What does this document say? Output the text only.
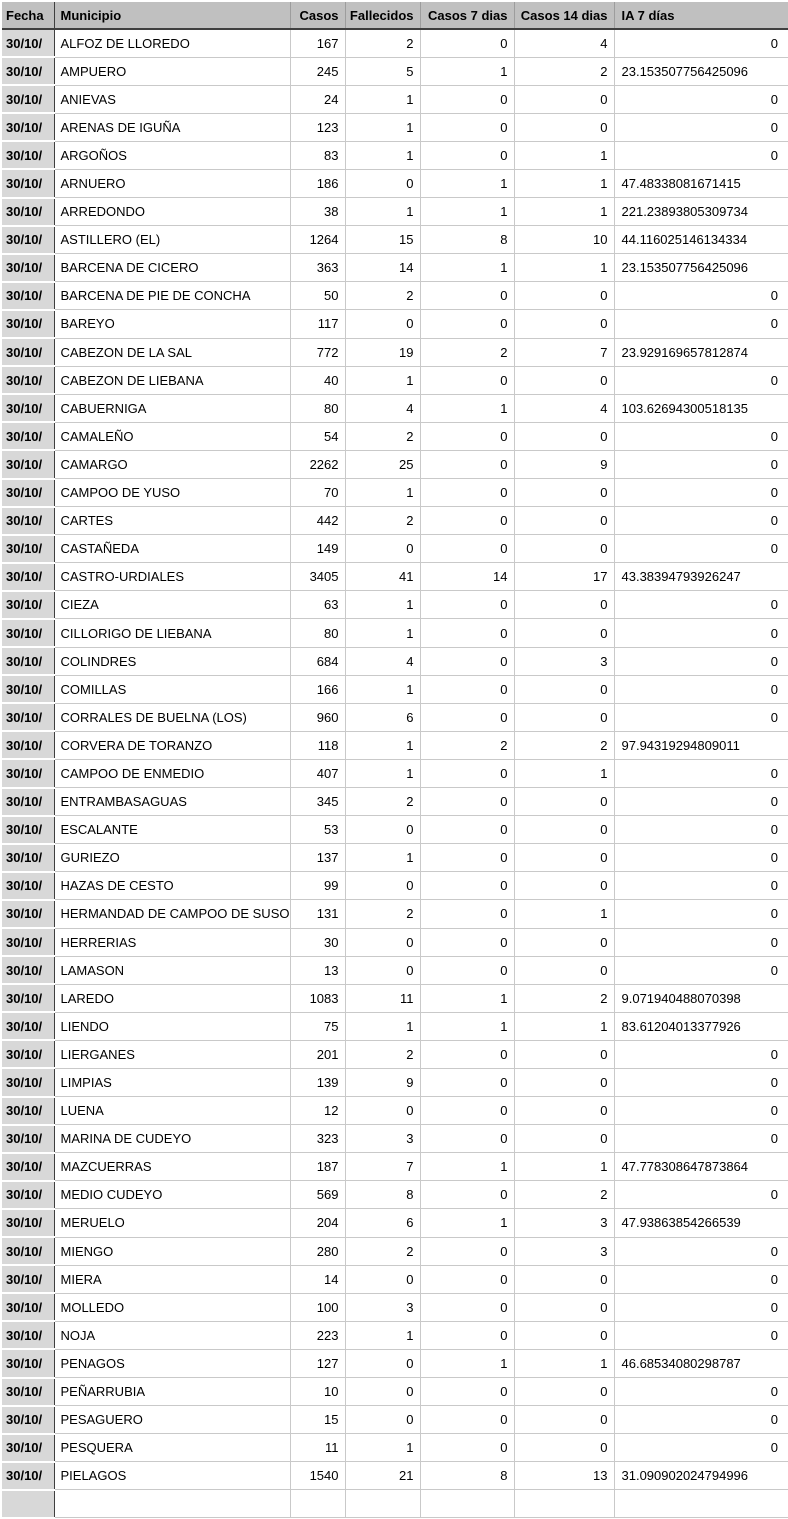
Fecha	Municipio	Casos	Fallecidos	Casos 7 dias	Casos 14 dias	IA 7 días
30/10/	ALFOZ DE LLOREDO	167	2	0	4	0
30/10/	AMPUERO	245	5	1	2	23.153507756425096
30/10/	ANIEVAS	24	1	0	0	0
30/10/	ARENAS DE IGUÑA	123	1	0	0	0
30/10/	ARGOÑOS	83	1	0	1	0
30/10/	ARNUERO	186	0	1	1	47.48338081671415
30/10/	ARREDONDO	38	1	1	1	221.23893805309734
30/10/	ASTILLERO (EL)	1264	15	8	10	44.116025146134334
30/10/	BARCENA DE CICERO	363	14	1	1	23.153507756425096
30/10/	BARCENA DE PIE DE CONCHA	50	2	0	0	0
30/10/	BAREYO	117	0	0	0	0
30/10/	CABEZON DE LA SAL	772	19	2	7	23.929169657812874
30/10/	CABEZON DE LIEBANA	40	1	0	0	0
30/10/	CABUERNIGA	80	4	1	4	103.62694300518135
30/10/	CAMALEÑO	54	2	0	0	0
30/10/	CAMARGO	2262	25	0	9	0
30/10/	CAMPOO DE YUSO	70	1	0	0	0
30/10/	CARTES	442	2	0	0	0
30/10/	CASTAÑEDA	149	0	0	0	0
30/10/	CASTRO-URDIALES	3405	41	14	17	43.38394793926247
30/10/	CIEZA	63	1	0	0	0
30/10/	CILLORIGO DE LIEBANA	80	1	0	0	0
30/10/	COLINDRES	684	4	0	3	0
30/10/	COMILLAS	166	1	0	0	0
30/10/	CORRALES DE BUELNA (LOS)	960	6	0	0	0
30/10/	CORVERA DE TORANZO	118	1	2	2	97.94319294809011
30/10/	CAMPOO DE ENMEDIO	407	1	0	1	0
30/10/	ENTRAMBASAGUAS	345	2	0	0	0
30/10/	ESCALANTE	53	0	0	0	0
30/10/	GURIEZO	137	1	0	0	0
30/10/	HAZAS DE CESTO	99	0	0	0	0
30/10/	HERMANDAD DE CAMPOO DE SUSO	131	2	0	1	0
30/10/	HERRERIAS	30	0	0	0	0
30/10/	LAMASON	13	0	0	0	0
30/10/	LAREDO	1083	11	1	2	9.071940488070398
30/10/	LIENDO	75	1	1	1	83.61204013377926
30/10/	LIERGANES	201	2	0	0	0
30/10/	LIMPIAS	139	9	0	0	0
30/10/	LUENA	12	0	0	0	0
30/10/	MARINA DE CUDEYO	323	3	0	0	0
30/10/	MAZCUERRAS	187	7	1	1	47.778308647873864
30/10/	MEDIO CUDEYO	569	8	0	2	0
30/10/	MERUELO	204	6	1	3	47.93863854266539
30/10/	MIENGO	280	2	0	3	0
30/10/	MIERA	14	0	0	0	0
30/10/	MOLLEDO	100	3	0	0	0
30/10/	NOJA	223	1	0	0	0
30/10/	PENAGOS	127	0	1	1	46.68534080298787
30/10/	PEÑARRUBIA	10	0	0	0	0
30/10/	PESAGUERO	15	0	0	0	0
30/10/	PESQUERA	11	1	0	0	0
30/10/	PIELAGOS	1540	21	8	13	31.090902024794996
